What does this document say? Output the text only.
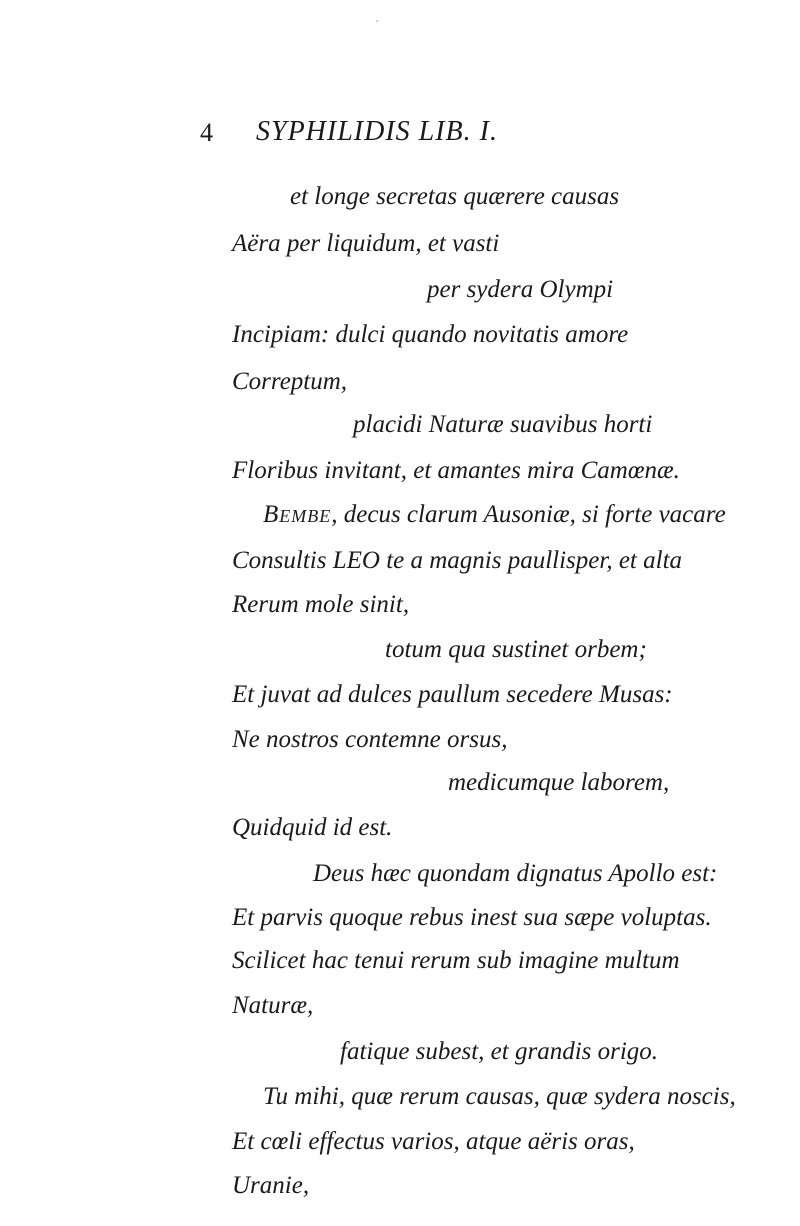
4 SYPHILIDIS LIB. I.
et longe secretas quærere causas
Aëra per liquidum, et vasti
per sydera Olympi
Incipiam: dulci quando novitatis amore
Correptum,
placidi Naturæ suavibus horti
Floribus invitant, et amantes mira Camœnæ.
Bembe, decus clarum Ausoniæ, si forte vacare
Consultis LEO te a magnis paullisper, et alta
Rerum mole sinit,
totum qua sustinet orbem;
Et juvat ad dulces paullum secedere Musas:
Ne nostros contemne orsus,
medicumque laborem,
Quidquid id est.
Deus hæc quondam dignatus Apollo est:
Et parvis quoque rebus inest sua sæpe voluptas.
Scilicet hac tenui rerum sub imagine multum
Naturæ,
fatique subest, et grandis origo.
Tu mihi, quæ rerum causas, quæ sydera noscis,
Et cœli effectus varios, atque aëris oras,
Uranie,
